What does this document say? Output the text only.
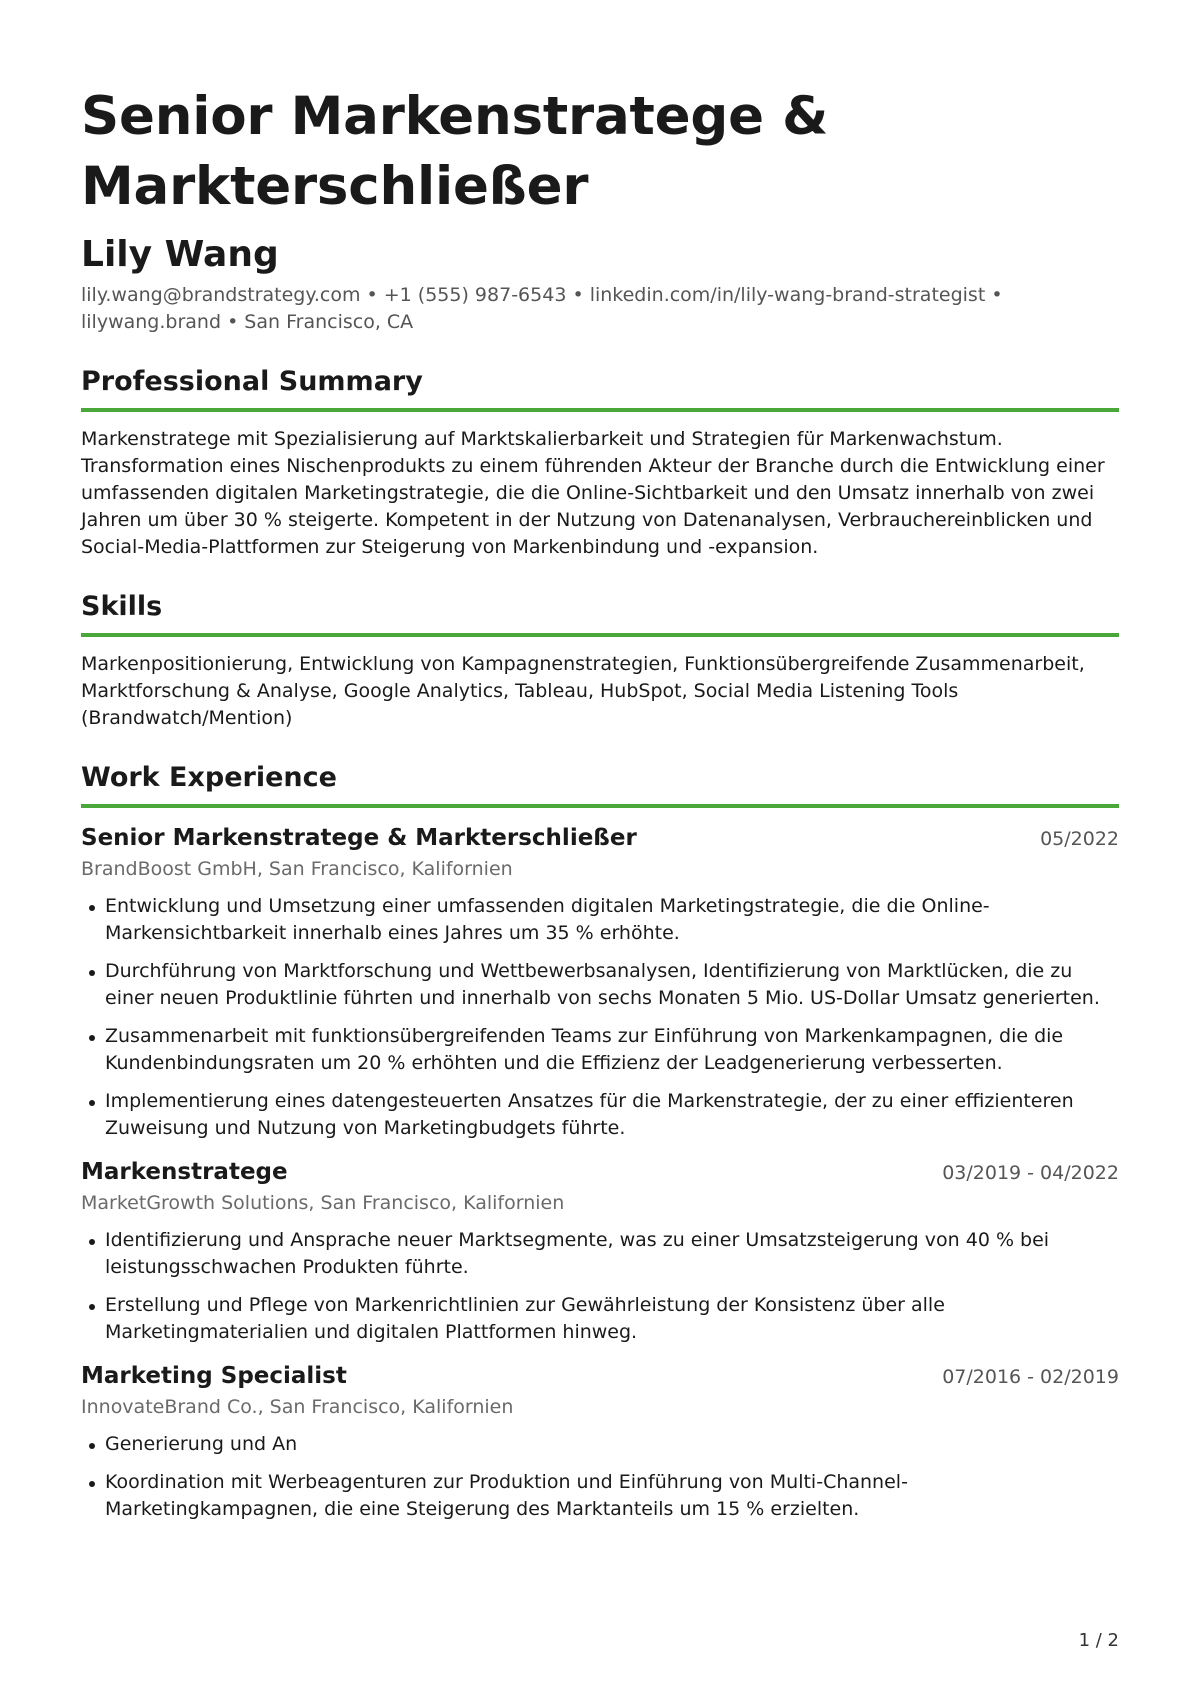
Senior Markenstratege & Markterschließer
Lily Wang

lily.wang@brandstrategy.com • +1 (555) 987-6543 • linkedin.com/in/lily-wang-brand-strategist • lilywang.brand • San Francisco, CA

Professional Summary

Markenstratege mit Spezialisierung auf Marktskalierbarkeit und Strategien für Markenwachstum. Transformation eines Nischenprodukts zu einem führenden Akteur der Branche durch die Entwicklung einer umfassenden digitalen Marketingstrategie, die die Online-Sichtbarkeit und den Umsatz innerhalb von zwei Jahren um über 30 % steigerte. Kompetent in der Nutzung von Datenanalysen, Verbrauchereinblicken und Social-Media-Plattformen zur Steigerung von Markenbindung und -expansion.

Skills

Markenpositionierung, Entwicklung von Kampagnenstrategien, Funktionsübergreifende Zusammenarbeit, Marktforschung & Analyse, Google Analytics, Tableau, HubSpot, Social Media Listening Tools (Brandwatch/Mention)

Work Experience
Senior Markenstratege & Markterschließer	05/2022
BrandBoost GmbH, San Francisco, Kalifornien
Entwicklung und Umsetzung einer umfassenden digitalen Marketingstrategie, die die Online-Markensichtbarkeit innerhalb eines Jahres um 35 % erhöhte.
Durchführung von Marktforschung und Wettbewerbsanalysen, Identifizierung von Marktlücken, die zu einer neuen Produktlinie führten und innerhalb von sechs Monaten 5 Mio. US-Dollar Umsatz generierten.
Zusammenarbeit mit funktionsübergreifenden Teams zur Einführung von Markenkampagnen, die die Kundenbindungsraten um 20 % erhöhten und die Effizienz der Leadgenerierung verbesserten.
Implementierung eines datengesteuerten Ansatzes für die Markenstrategie, der zu einer effizienteren Zuweisung und Nutzung von Marketingbudgets führte.
Markenstratege	03/2019 - 04/2022
MarketGrowth Solutions, San Francisco, Kalifornien
Identifizierung und Ansprache neuer Marktsegmente, was zu einer Umsatzsteigerung von 40 % bei leistungsschwachen Produkten führte.
Erstellung und Pflege von Markenrichtlinien zur Gewährleistung der Konsistenz über alle Marketingmaterialien und digitalen Plattformen hinweg.
Marketing Specialist	07/2016 - 02/2019
InnovateBrand Co., San Francisco, Kalifornien
Generierung und An
Koordination mit Werbeagenturen zur Produktion und Einführung von Multi-Channel-Marketingkampagnen, die eine Steigerung des Marktanteils um 15 % erzielten.
1 / 2
